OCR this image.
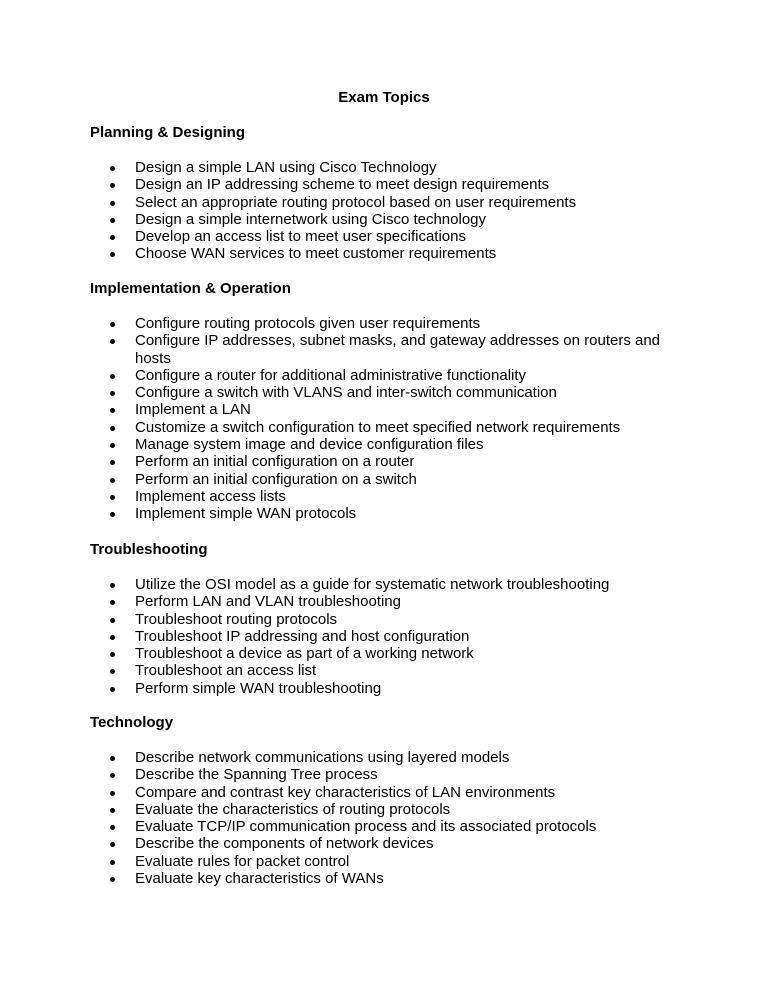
Exam Topics
Planning & Designing
Design a simple LAN using Cisco Technology
Design an IP addressing scheme to meet design requirements
Select an appropriate routing protocol based on user requirements
Design a simple internetwork using Cisco technology
Develop an access list to meet user specifications
Choose WAN services to meet customer requirements
Implementation & Operation
Configure routing protocols given user requirements
Configure IP addresses, subnet masks, and gateway addresses on routers and hosts
Configure a router for additional administrative functionality
Configure a switch with VLANS and inter-switch communication
Implement a LAN
Customize a switch configuration to meet specified network requirements
Manage system image and device configuration files
Perform an initial configuration on a router
Perform an initial configuration on a switch
Implement access lists
Implement simple WAN protocols
Troubleshooting
Utilize the OSI model as a guide for systematic network troubleshooting
Perform LAN and VLAN troubleshooting
Troubleshoot routing protocols
Troubleshoot IP addressing and host configuration
Troubleshoot a device as part of a working network
Troubleshoot an access list
Perform simple WAN troubleshooting
Technology
Describe network communications using layered models
Describe the Spanning Tree process
Compare and contrast key characteristics of LAN environments
Evaluate the characteristics of routing protocols
Evaluate TCP/IP communication process and its associated protocols
Describe the components of network devices
Evaluate rules for packet control
Evaluate key characteristics of WANs
